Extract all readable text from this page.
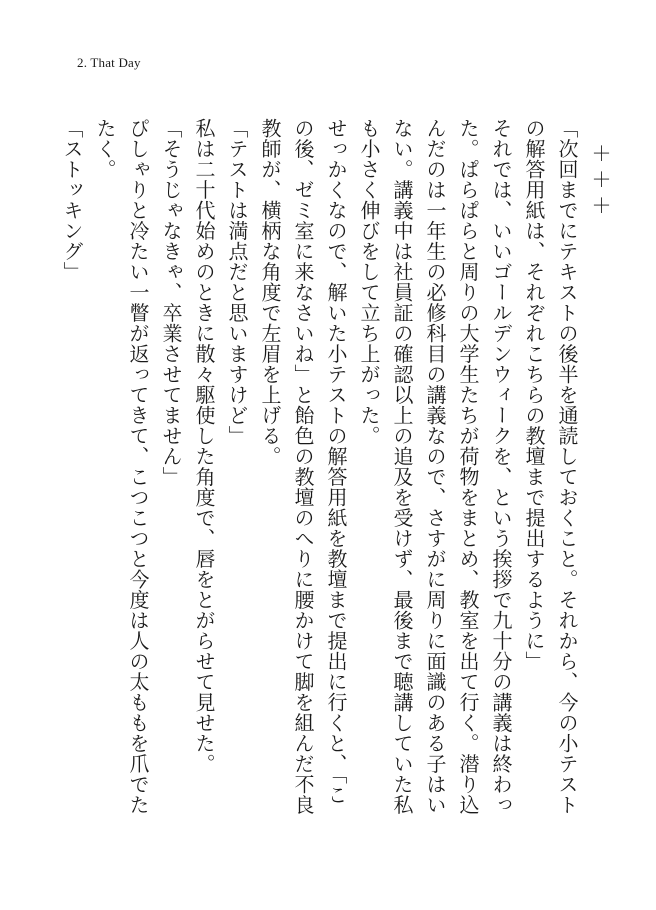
2. That Day

＋＋＋

「次回までにテキストの後半を通読しておくこと。それから、今の小テストの解答用紙は、それぞれこちらの教壇まで提出するように」

それでは、いいゴールデンウィークを、という挨拶で九十分の講義は終わった。ぱらぱらと周りの大学生たちが荷物をまとめ、教室を出て行く。潜り込んだのは一年生の必修科目の講義なので、さすがに周りに面識のある子はいない。講義中は社員証の確認以上の追及を受けず、最後まで聴講していた私も小さく伸びをして立ち上がった。

せっかくなので、解いた小テストの解答用紙を教壇まで提出に行くと、「この後、ゼミ室に来なさいね」と飴色の教壇のへりに腰かけて脚を組んだ不良教師が、横柄な角度で左眉を上げる。

「テストは満点だと思いますけど」

私は二十代始めのときに散々駆使した角度で、唇をとがらせて見せた。

「そうじゃなきゃ、卒業させてません」

ぴしゃりと冷たい一瞥が返ってきて、こつこつと今度は人の太ももを爪でたたく。

「ストッキング」
